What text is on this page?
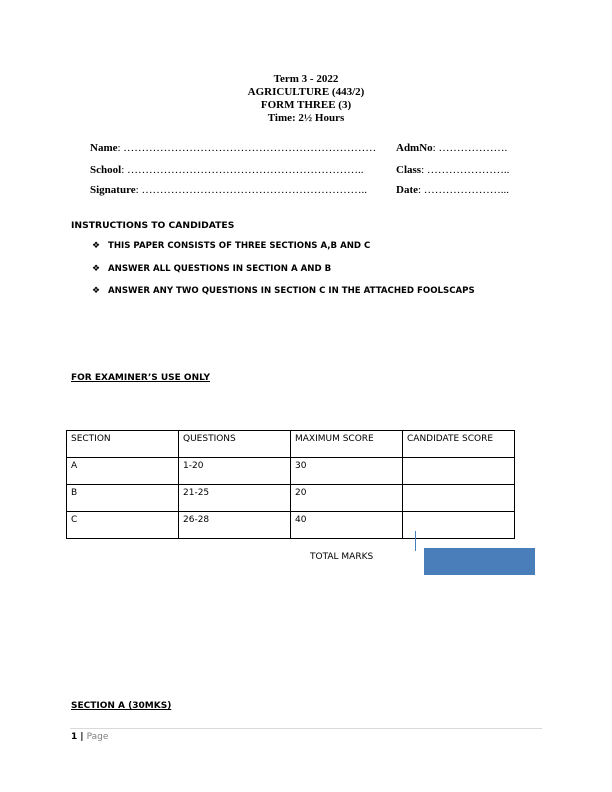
Term 3 - 2022
AGRICULTURE (443/2)
FORM THREE (3)
Time: 2½ Hours
Name: …………………………………………………………… AdmNo: ……………….
School: ………………………………………………………..	Class: …………………..
Signature: ……………………………………………………..	Date: …………………...
INSTRUCTIONS TO CANDIDATES
❖ THIS PAPER CONSISTS OF THREE SECTIONS A,B AND C
❖ ANSWER ALL QUESTIONS IN SECTION A AND B
❖ ANSWER ANY TWO QUESTIONS IN SECTION C IN THE ATTACHED FOOLSCAPS
FOR EXAMINER’S USE ONLY
SECTION	QUESTIONS	MAXIMUM SCORE	CANDIDATE SCORE
A	1-20	30	
B	21-25	20	
C	26-28	40	
TOTAL MARKS
SECTION A (30MKS)
1 | Page
